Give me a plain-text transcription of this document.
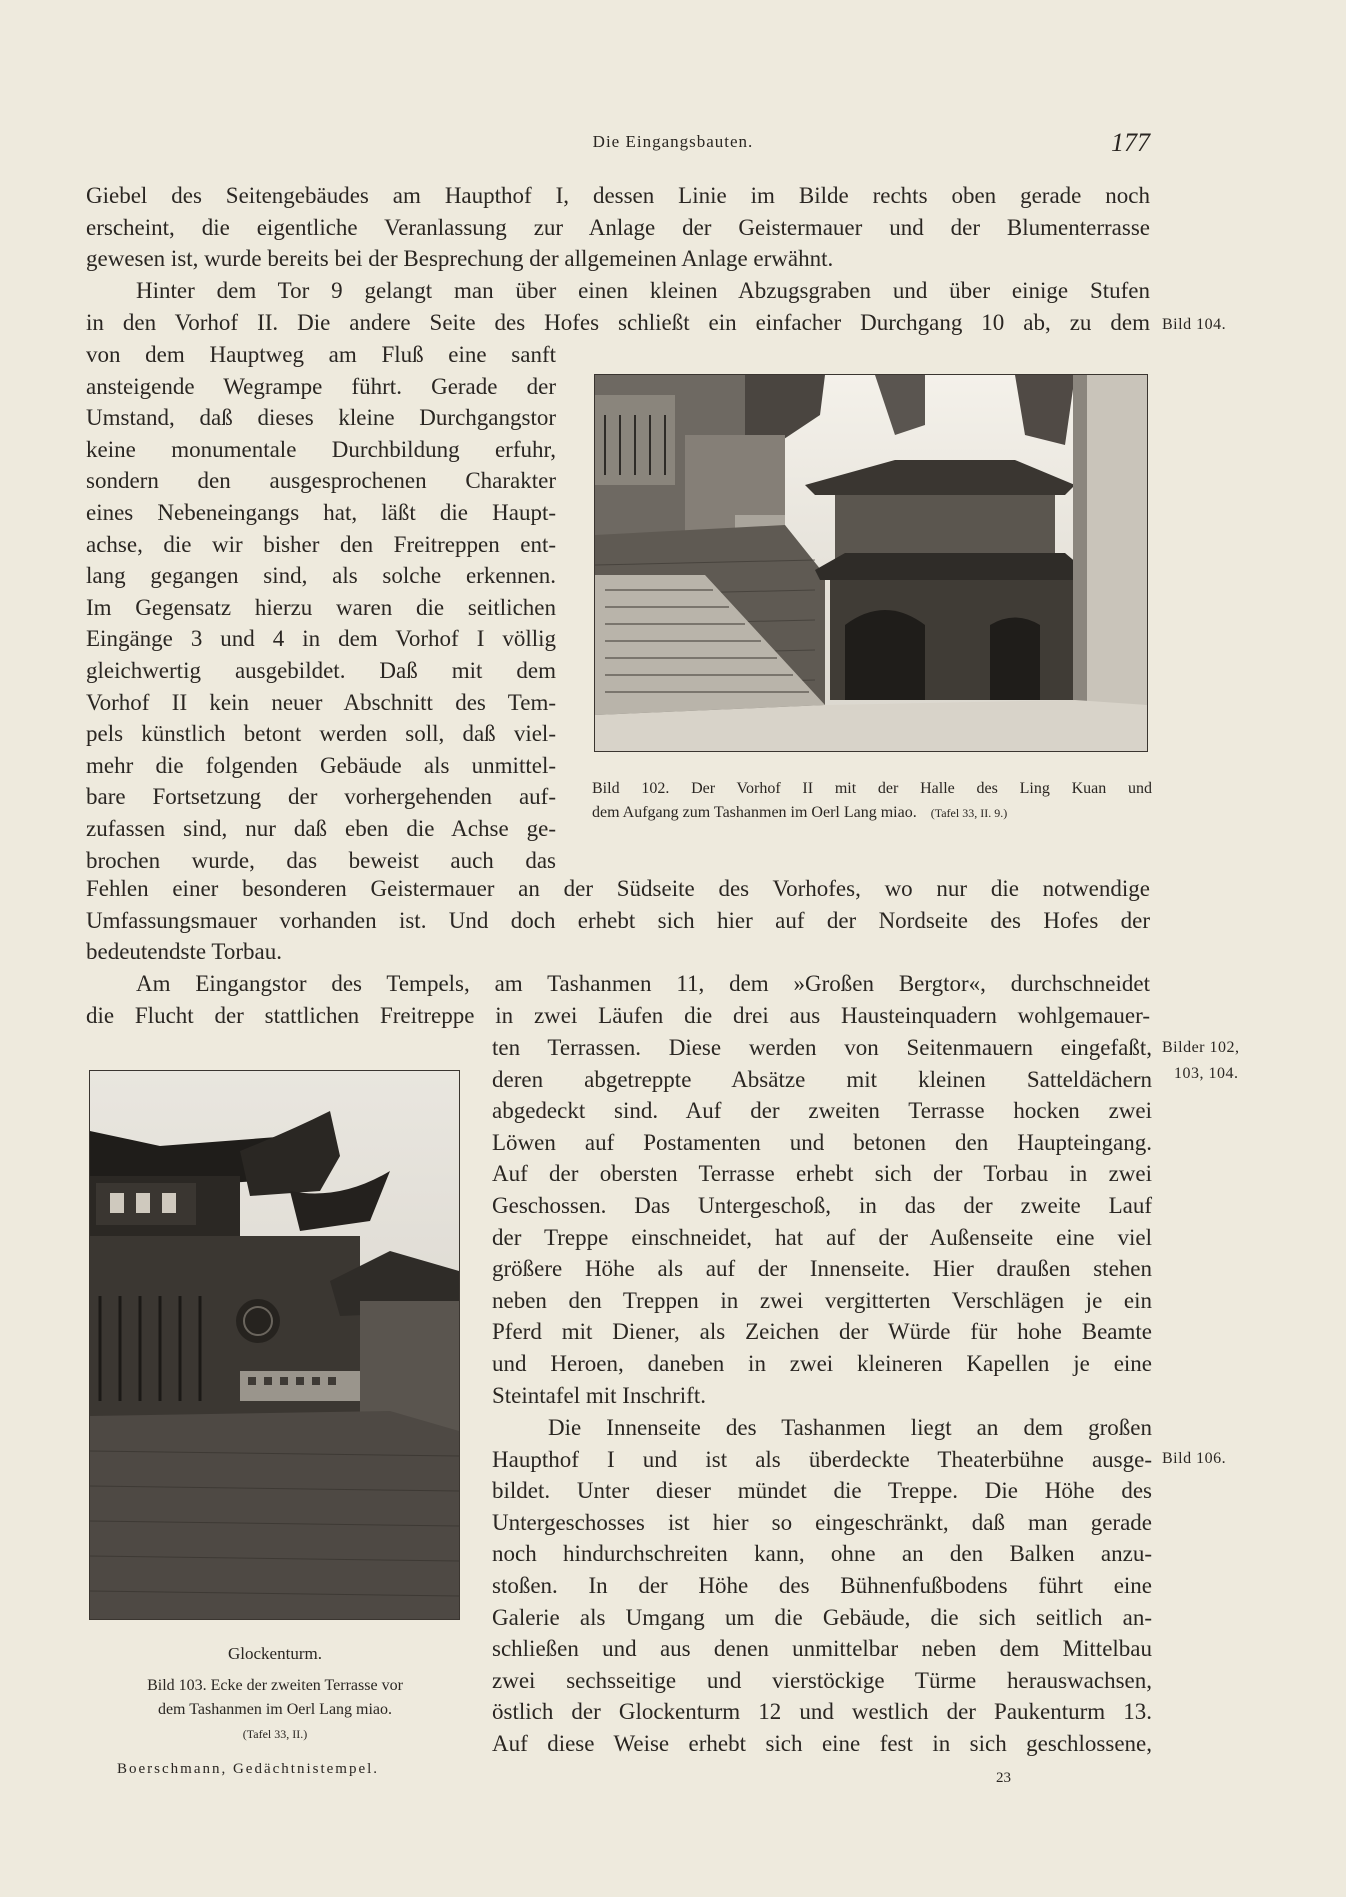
Die Eingangsbauten.	177
Giebel des Seitengebäudes am Haupthof I, dessen Linie im Bilde rechts oben gerade noch
erscheint, die eigentliche Veranlassung zur Anlage der Geistermauer und der Blumenterrasse
gewesen ist, wurde bereits bei der Besprechung der allgemeinen Anlage erwähnt.
Hinter dem Tor 9 gelangt man über einen kleinen Abzugsgraben und über einige Stufen
in den Vorhof II. Die andere Seite des Hofes schließt ein einfacher Durchgang 10 ab, zu dem
von dem Hauptweg am Fluß eine sanft
ansteigende Wegrampe führt. Gerade der
Umstand, daß dieses kleine Durchgangstor
keine monumentale Durchbildung erfuhr,
sondern den ausgesprochenen Charakter
eines Nebeneingangs hat, läßt die Haupt-
achse, die wir bisher den Freitreppen ent-
lang gegangen sind, als solche erkennen.
Im Gegensatz hierzu waren die seitlichen
Eingänge 3 und 4 in dem Vorhof I völlig
gleichwertig ausgebildet. Daß mit dem
Vorhof II kein neuer Abschnitt des Tem-
pels künstlich betont werden soll, daß viel-
mehr die folgenden Gebäude als unmittel-
bare Fortsetzung der vorhergehenden auf-
zufassen sind, nur daß eben die Achse ge-
brochen wurde, das beweist auch das
Bild 102. Der Vorhof II mit der Halle des Ling Kuan und
dem Aufgang zum Tashanmen im Oerl Lang miao. (Tafel 33, II. 9.)
Fehlen einer besonderen Geistermauer an der Südseite des Vorhofes, wo nur die notwendige
Umfassungsmauer vorhanden ist. Und doch erhebt sich hier auf der Nordseite des Hofes der
bedeutendste Torbau.
Am Eingangstor des Tempels, am Tashanmen 11, dem »Großen Bergtor«, durchschneidet
die Flucht der stattlichen Freitreppe in zwei Läufen die drei aus Hausteinquadern wohlgemauer-
ten Terrassen. Diese werden von Seitenmauern eingefaßt,
deren abgetreppte Absätze mit kleinen Satteldächern
abgedeckt sind. Auf der zweiten Terrasse hocken zwei
Löwen auf Postamenten und betonen den Haupteingang.
Auf der obersten Terrasse erhebt sich der Torbau in zwei
Geschossen. Das Untergeschoß, in das der zweite Lauf
der Treppe einschneidet, hat auf der Außenseite eine viel
größere Höhe als auf der Innenseite. Hier draußen stehen
neben den Treppen in zwei vergitterten Verschlägen je ein
Pferd mit Diener, als Zeichen der Würde für hohe Beamte
und Heroen, daneben in zwei kleineren Kapellen je eine
Steintafel mit Inschrift.
Die Innenseite des Tashanmen liegt an dem großen
Haupthof I und ist als überdeckte Theaterbühne ausge-
bildet. Unter dieser mündet die Treppe. Die Höhe des
Untergeschosses ist hier so eingeschränkt, daß man gerade
noch hindurchschreiten kann, ohne an den Balken anzu-
stoßen. In der Höhe des Bühnenfußbodens führt eine
Galerie als Umgang um die Gebäude, die sich seitlich an-
schließen und aus denen unmittelbar neben dem Mittelbau
zwei sechsseitige und vierstöckige Türme herauswachsen,
östlich der Glockenturm 12 und westlich der Paukenturm 13.
Auf diese Weise erhebt sich eine fest in sich geschlossene,
Bild 104.
Bilder 102,
103, 104.
Bild 106.
Glockenturm.
Bild 103. Ecke der zweiten Terrasse vor
dem Tashanmen im Oerl Lang miao.
(Tafel 33, II.)
Boerschmann, Gedächtnistempel.
23
